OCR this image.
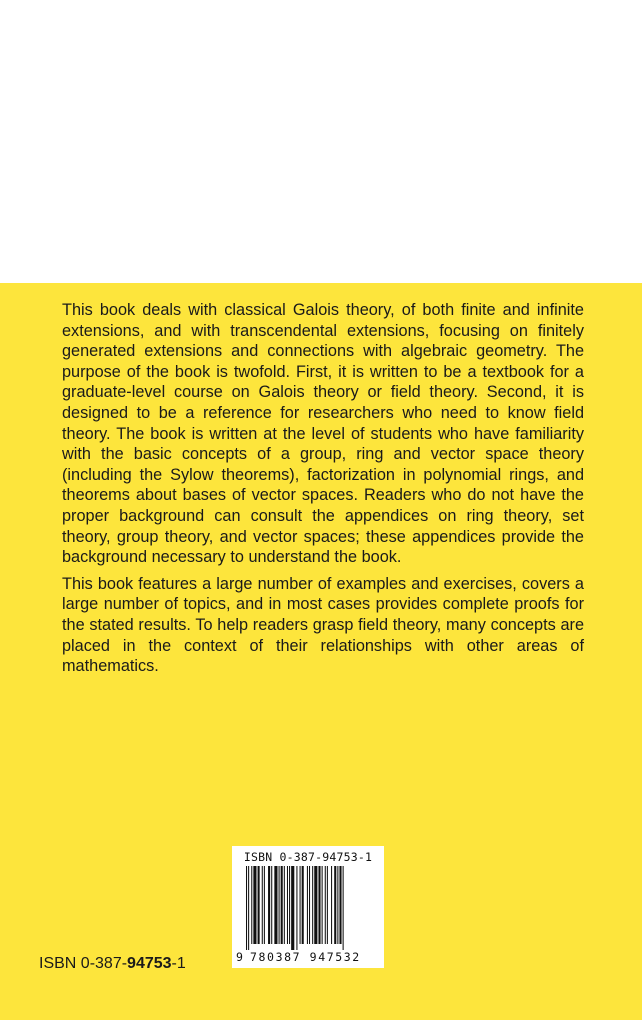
This book deals with classical Galois theory, of both finite and infinite extensions, and with transcendental extensions, focusing on finitely generated extensions and connections with algebraic geometry. The purpose of the book is twofold. First, it is written to be a textbook for a graduate-level course on Galois theory or field theory. Second, it is designed to be a reference for researchers who need to know field theory. The book is written at the level of students who have familiarity with the basic concepts of a group, ring and vector space theory (including the Sylow theorems), factorization in polynomial rings, and theorems about bases of vector spaces. Readers who do not have the proper background can consult the appendices on ring theory, set theory, group theory, and vector spaces; these appendices provide the background necessary to understand the book.

This book features a large number of examples and exercises, covers a large number of topics, and in most cases provides complete proofs for the stated results. To help readers grasp field theory, many concepts are placed in the context of their relationships with other areas of mathematics.

ISBN 0-387-94753-1
9 780387 947532
ISBN 0-387-94753-1
